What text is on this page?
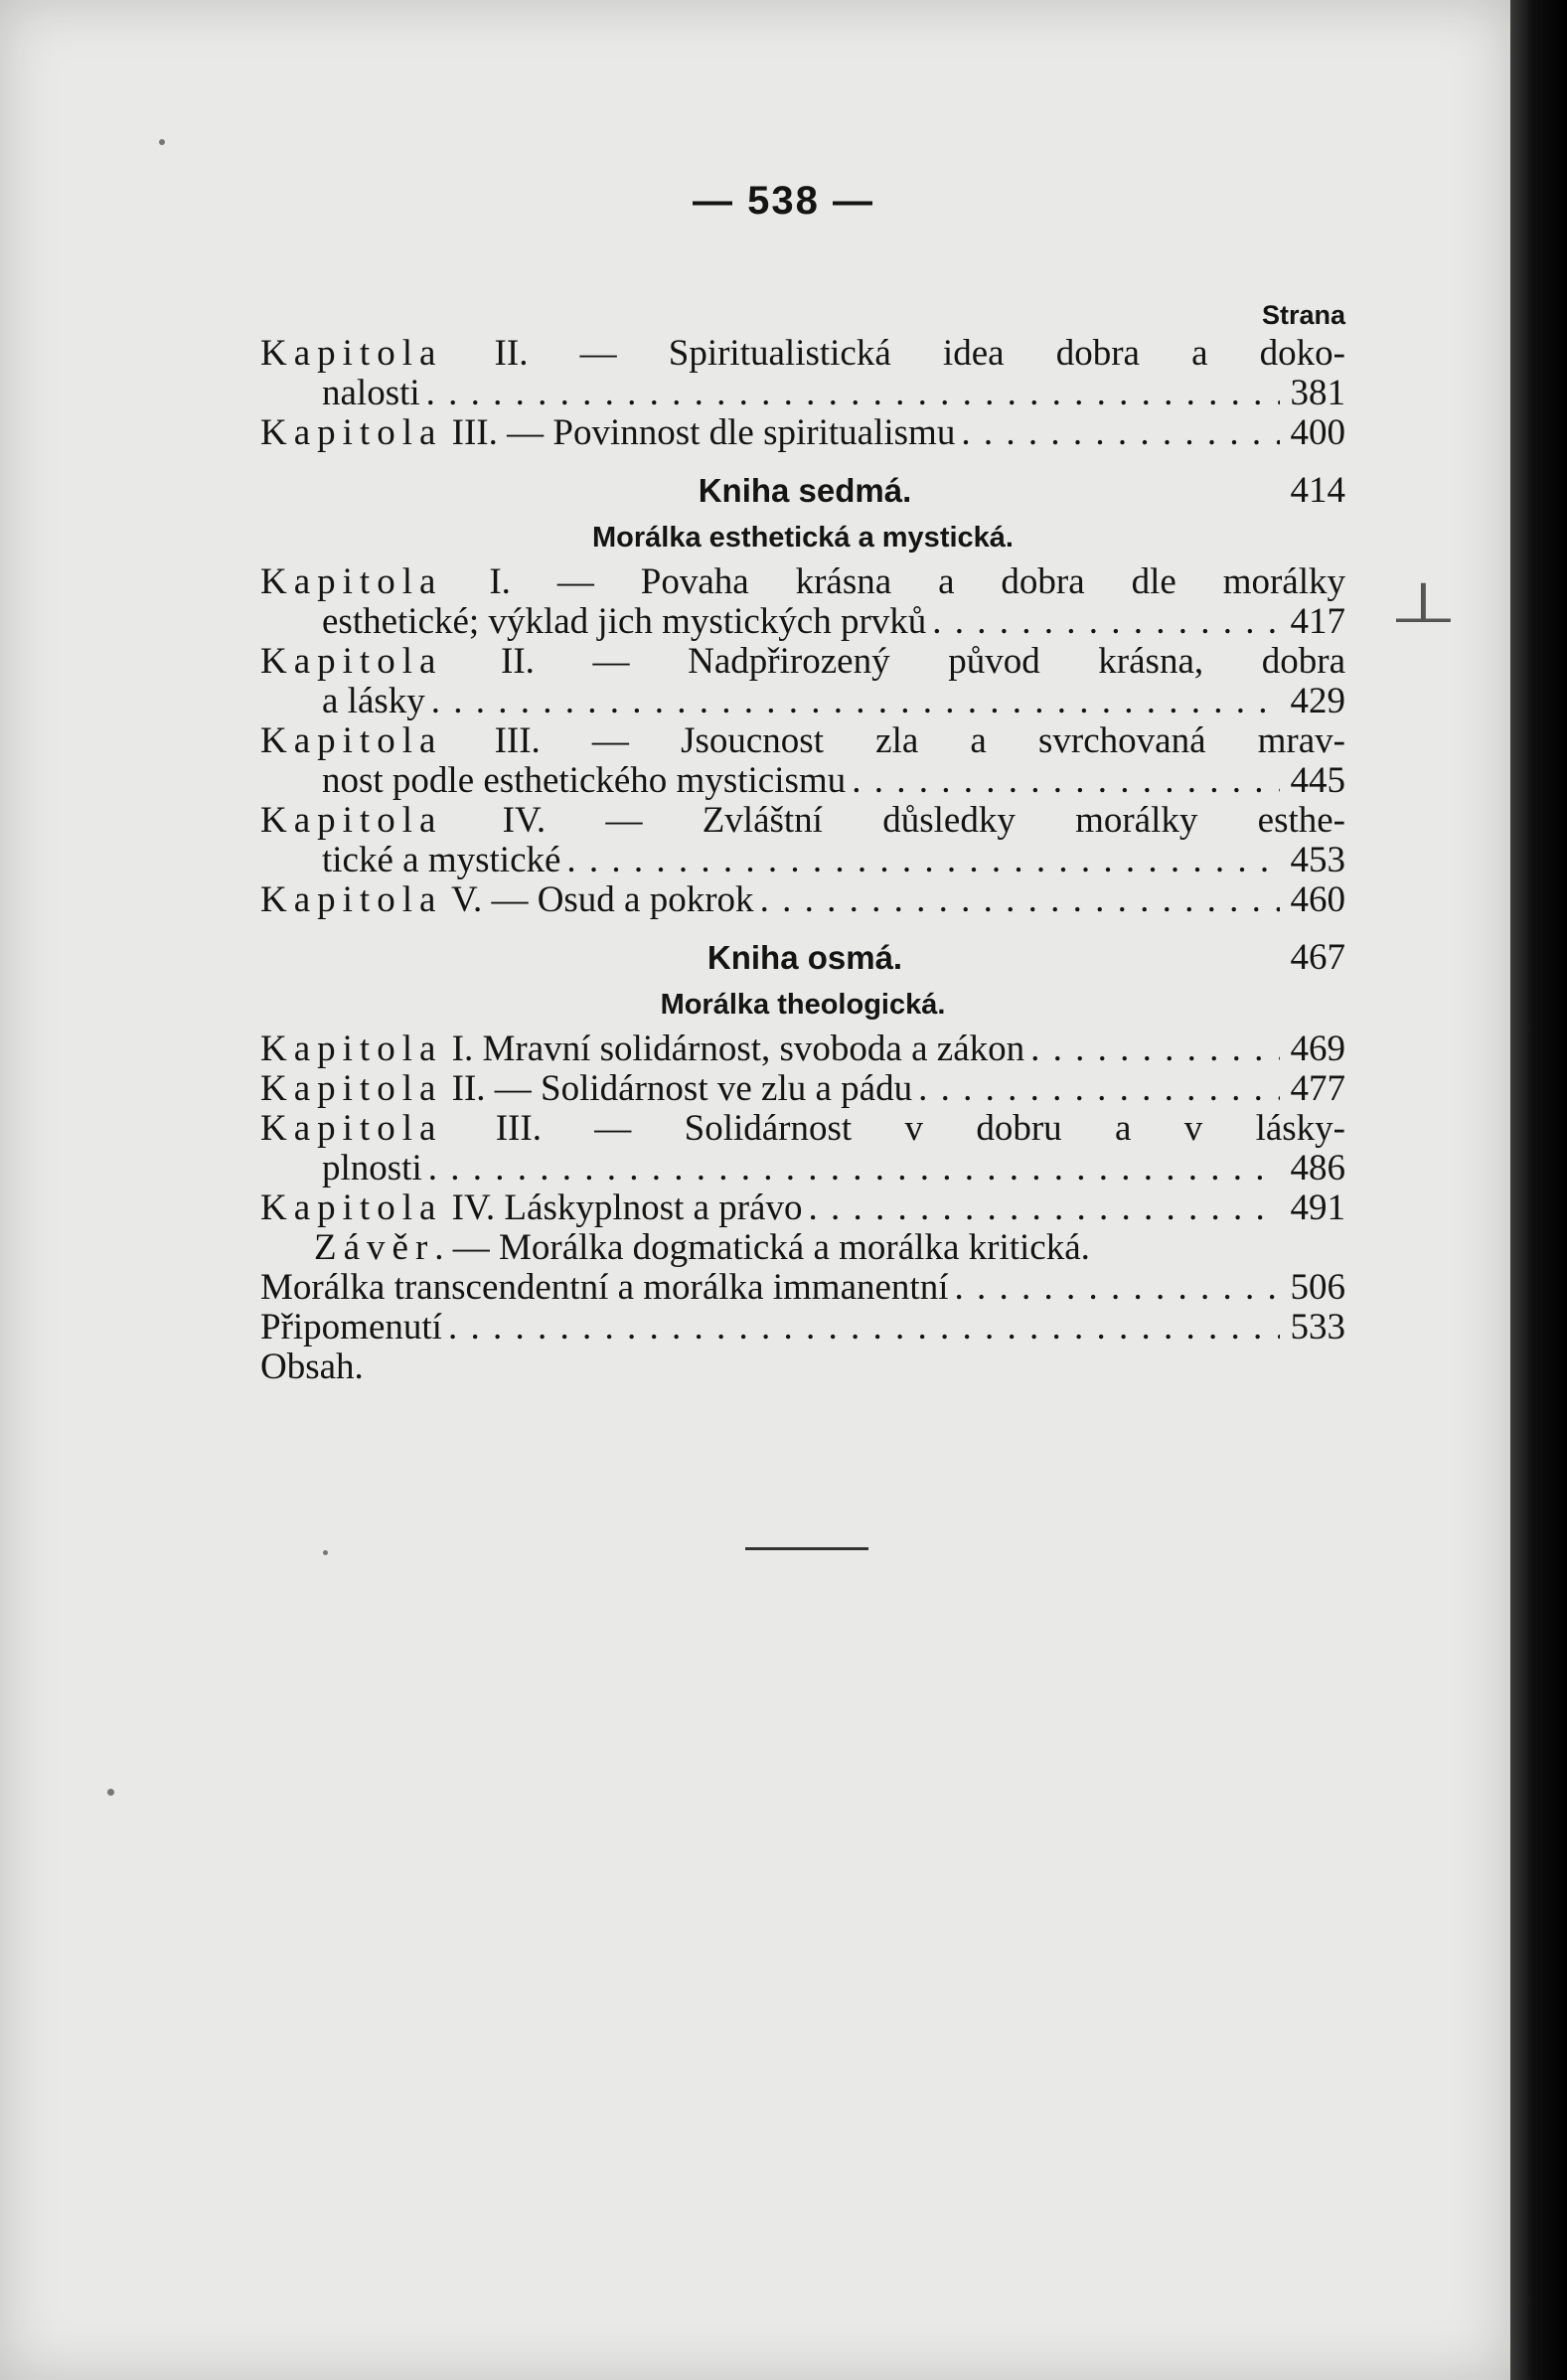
— 538 —
Strana
Kapitola II. — Spiritualistická idea dobra a doko-
nalosti . . .	381
Kapitola III. — Povinnost dle spiritualismu . . .	400
Kniha sedmá.	414
Morálka esthetická a mystická.
Kapitola I. — Povaha krásna a dobra dle morálky
esthetické; výklad jich mystických prvků . . .	417
Kapitola II. — Nadpřirozený původ krásna, dobra
a lásky . . .	429
Kapitola III. — Jsoucnost zla a svrchovaná mrav-
nost podle esthetického mysticismu . . .	445
Kapitola IV. — Zvláštní důsledky morálky esthe-
tické a mystické . . .	453
Kapitola V. — Osud a pokrok . . .	460
Kniha osmá.	467
Morálka theologická.
Kapitola I. Mravní solidárnost, svoboda a zákon . . .	469
Kapitola II. — Solidárnost ve zlu a pádu . . .	477
Kapitola III. — Solidárnost v dobru a v lásky-
plnosti . . .	486
Kapitola IV. Láskyplnost a právo . . .	491
Závěr. — Morálka dogmatická a morálka kritická.
Morálka transcendentní a morálka immanentní . . .	506
Připomenutí . . .	533
Obsah.
⊥
